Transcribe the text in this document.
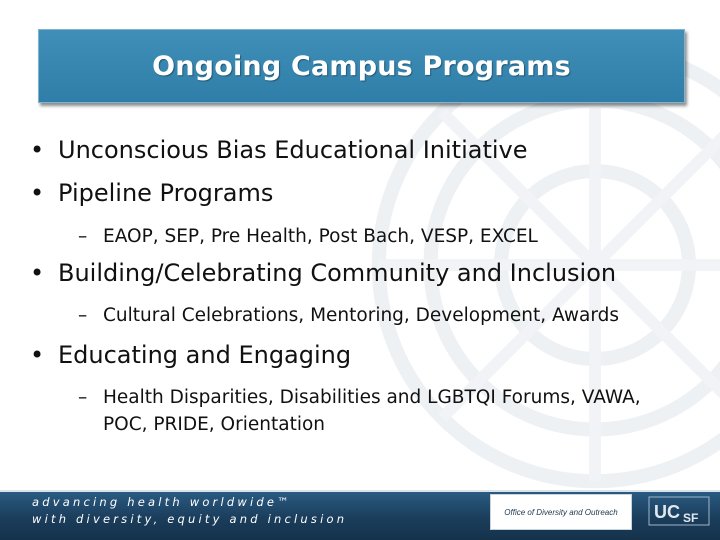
Ongoing Campus Programs
• Unconscious Bias Educational Initiative
• Pipeline Programs
– EAOP, SEP, Pre Health, Post Bach, VESP, EXCEL
• Building/Celebrating Community and Inclusion
– Cultural Celebrations, Mentoring, Development, Awards
• Educating and Engaging
– Health Disparities, Disabilities and LGBTQI Forums, VAWA, POC, PRIDE, Orientation
advancing health worldwide™
with diversity, equity and inclusion	Office of Diversity and Outreach UC SF
